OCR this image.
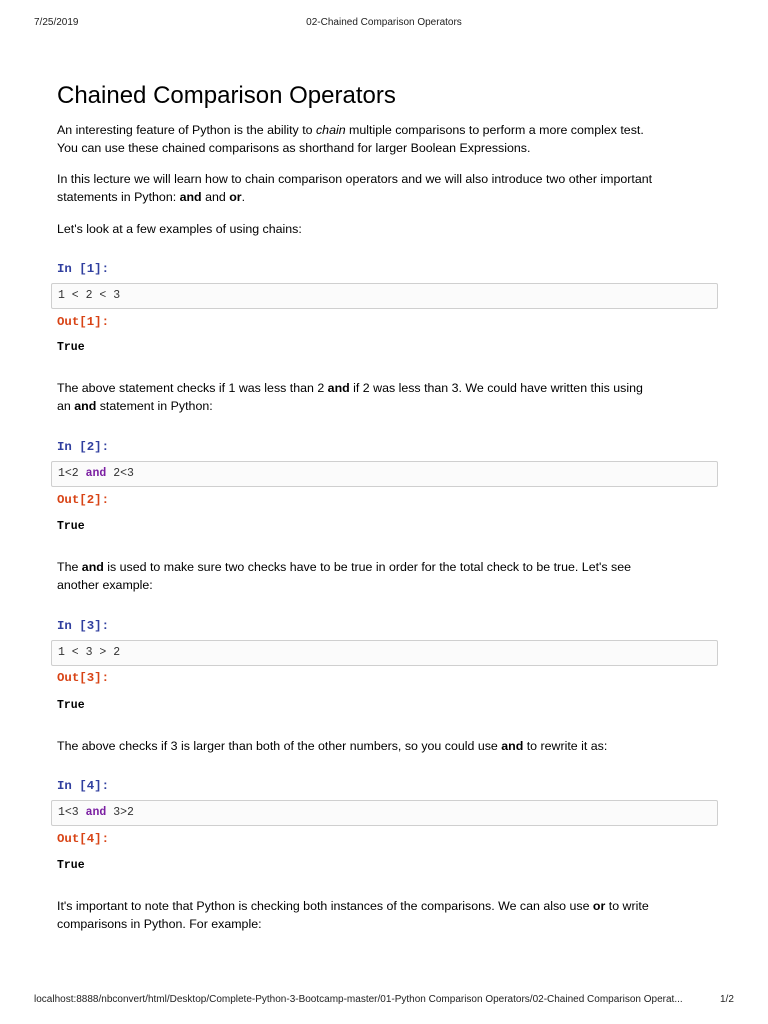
7/25/2019	02-Chained Comparison Operators
Chained Comparison Operators

An interesting feature of Python is the ability to chain multiple comparisons to perform a more complex test.
You can use these chained comparisons as shorthand for larger Boolean Expressions.

In this lecture we will learn how to chain comparison operators and we will also introduce two other important
statements in Python: and and or.

Let's look at a few examples of using chains:

In [1]:
1 < 2 < 3
Out[1]:
True

The above statement checks if 1 was less than 2 and if 2 was less than 3. We could have written this using
an and statement in Python:

In [2]:
1<2 and 2<3
Out[2]:
True

The and is used to make sure two checks have to be true in order for the total check to be true. Let's see
another example:

In [3]:
1 < 3 > 2
Out[3]:
True

The above checks if 3 is larger than both of the other numbers, so you could use and to rewrite it as:

In [4]:
1<3 and 3>2
Out[4]:
True

It's important to note that Python is checking both instances of the comparisons. We can also use or to write
comparisons in Python. For example:

localhost:8888/nbconvert/html/Desktop/Complete-Python-3-Bootcamp-master/01-Python Comparison Operators/02-Chained Comparison Operat...	1/2
